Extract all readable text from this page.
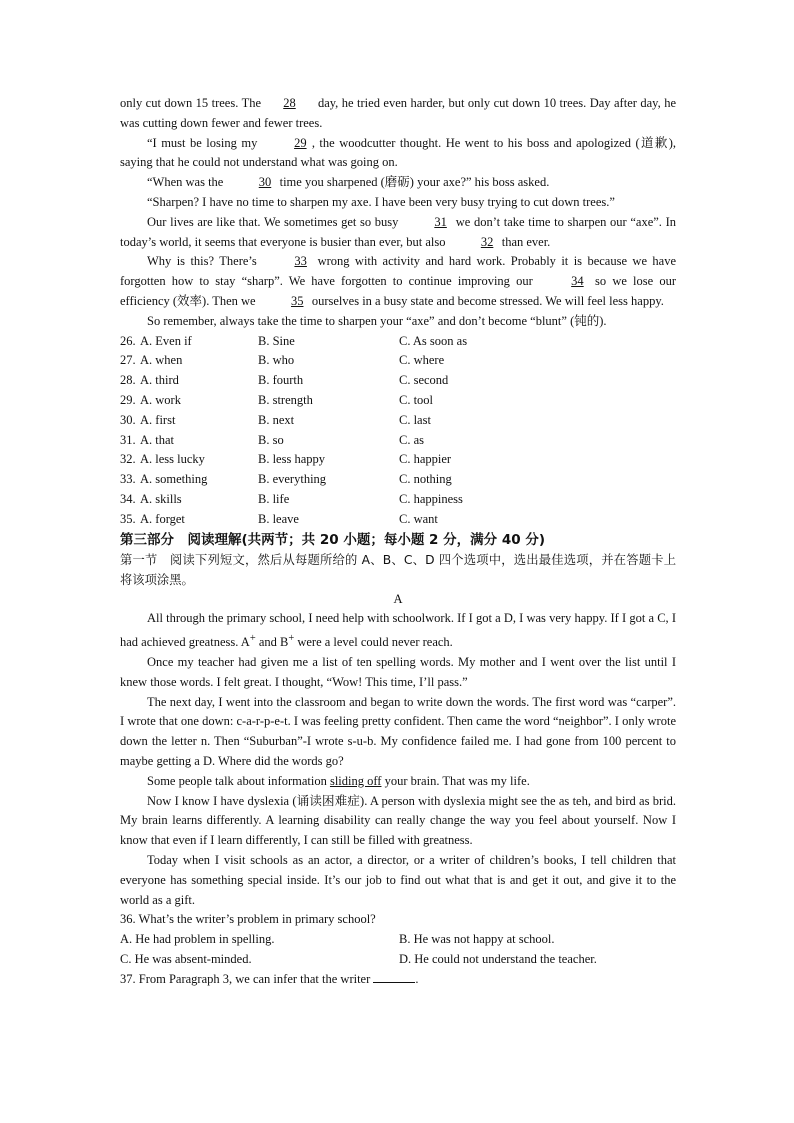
only cut down 15 trees. The 28 day, he tried even harder, but only cut down 10 trees. Day after day, he was cutting down fewer and fewer trees.

“I must be losing my	29 , the woodcutter thought. He went to his boss and apologized (道歉), saying that he could not understand what was going on.

“When was the	30 time you sharpened (磨砺) your axe?” his boss asked.

“Sharpen? I have no time to sharpen my axe. I have been very busy trying to cut down trees.”

Our lives are like that. We sometimes get so busy	31 we don’t take time to sharpen our “axe”. In today’s world, it seems that everyone is busier than ever, but also	32 than ever.

Why is this? There’s	33 wrong with activity and hard work. Probably it is because we have forgotten how to stay “sharp”. We have forgotten to continue improving our	34 so we lose our efficiency (效率). Then we	35 ourselves in a busy state and become stressed. We will feel less happy.

So remember, always take the time to sharpen your “axe” and don’t become “blunt” (钝的).

26. A. Even if	B. Sine	C. As soon as
27. A. when	B. who	C. where
28. A. third	B. fourth	C. second
29. A. work	B. strength	C. tool
30. A. first	B. next	C. last
31. A. that	B. so	C. as
32. A. less lucky	B. less happy	C. happier
33. A. something	B. everything	C. nothing
34. A. skills	B. life	C. happiness
35. A. forget	B. leave	C. want
第三部分　阅读理解(共两节；共 20 小题；每小题 2 分，满分 40 分)
第一节　阅读下列短文，然后从每题所给的 A、B、C、D 四个选项中，选出最佳选项，并在答题卡上将该项涂黑。
A

All through the primary school, I need help with schoolwork. If I got a D, I was very happy. If I got a C, I had achieved greatness. A+ and B+ were a level could never reach.

Once my teacher had given me a list of ten spelling words. My mother and I went over the list until I knew those words. I felt great. I thought, “Wow! This time, I’ll pass.”

The next day, I went into the classroom and began to write down the words. The first word was “carper”. I wrote that one down: c-a-r-p-e-t. I was feeling pretty confident. Then came the word “neighbor”. I only wrote down the letter n. Then “Suburban”-I wrote s-u-b. My confidence failed me. I had gone from 100 percent to maybe getting a D. Where did the words go?

Some people talk about information sliding off your brain. That was my life.

Now I know I have dyslexia (诵读困难症). A person with dyslexia might see the as teh, and bird as brid. My brain learns differently. A learning disability can really change the way you feel about yourself. Now I know that even if I learn differently, I can still be filled with greatness.

Today when I visit schools as an actor, a director, or a writer of children’s books, I tell children that everyone has something special inside. It’s our job to find out what that is and get it out, and give it to the world as a gift.

36. What’s the writer’s problem in primary school?
A. He had problem in spelling.	B. He was not happy at school.
C. He was absent-minded.	D. He could not understand the teacher.
37. From Paragraph 3, we can infer that the writer	.
